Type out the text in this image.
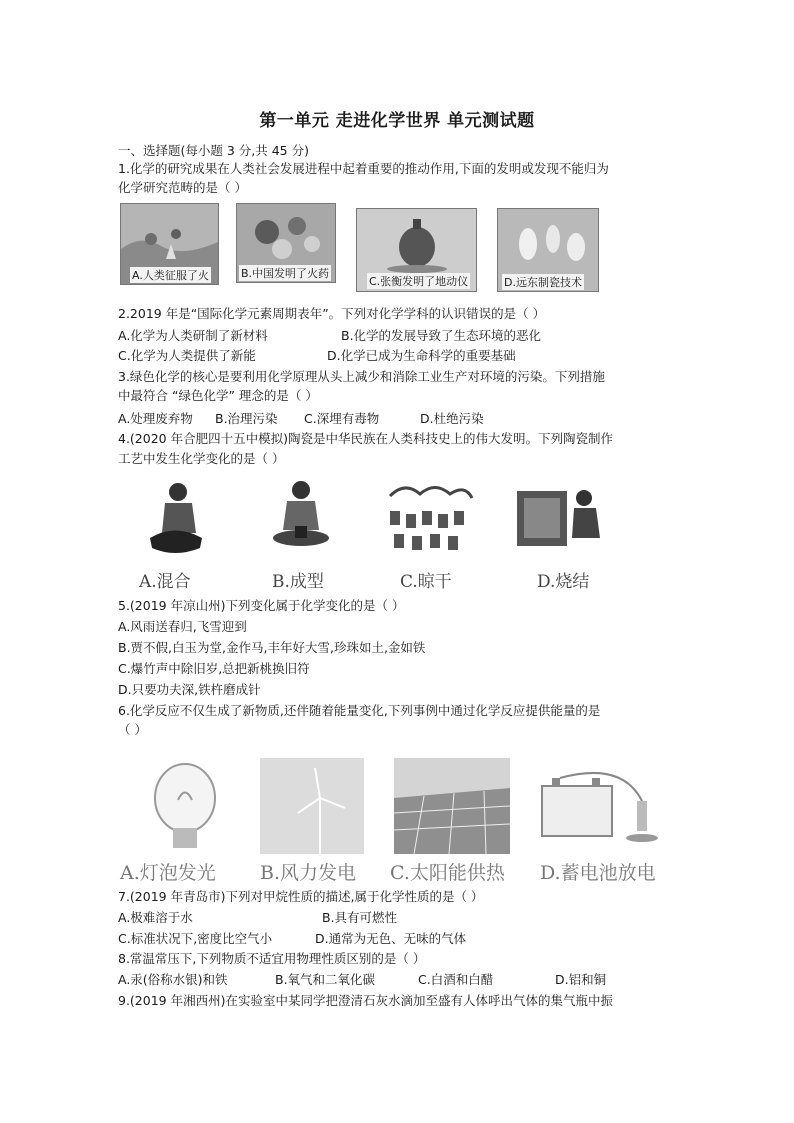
第一单元 走进化学世界 单元测试题
一、选择题(每小题 3 分,共 45 分)
1.化学的研究成果在人类社会发展进程中起着重要的推动作用,下面的发明或发现不能归为
化学研究范畴的是（ ）
A.人类征服了火	B.中国发明了火药
C.张衡发明了地动仪	D.远东制瓷技术
2.2019 年是“国际化学元素周期表年”。下列对化学学科的认识错误的是（ ）
A.化学为人类研制了新材料	B.化学的发展导致了生态环境的恶化
C.化学为人类提供了新能	D.化学已成为生命科学的重要基础
3.绿色化学的核心是要利用化学原理从头上减少和消除工业生产对环境的污染。下列措施
中最符合 “绿色化学” 理念的是（ ）
A.处理废弃物 B.治理污染 C.深埋有毒物	D.杜绝污染
4.(2020 年合肥四十五中模拟)陶瓷是中华民族在人类科技史上的伟大发明。下列陶瓷制作
工艺中发生化学变化的是（ ）
A.混合	B.成型	C.晾干	D.烧结
5.(2019 年凉山州)下列变化属于化学变化的是（ ）
A.风雨送春归,飞雪迎到
B.贾不假,白玉为堂,金作马,丰年好大雪,珍珠如土,金如铁
C.爆竹声中除旧岁,总把新桃换旧符
D.只要功夫深,铁杵磨成针
6.化学反应不仅生成了新物质,还伴随着能量变化,下列事例中通过化学反应提供能量的是
（ ）
A.灯泡发光 B.风力发电 C.太阳能供热 D.蓄电池放电
7.(2019 年青岛市)下列对甲烷性质的描述,属于化学性质的是（ ）
A.极难溶于水	B.具有可燃性
C.标准状况下,密度比空气小	D.通常为无色、无味的气体
8.常温常压下,下列物质不适宜用物理性质区别的是（ ）
A.汞(俗称水银)和铁	B.氧气和二氧化碳	C.白酒和白醋	D.铝和铜
9.(2019 年湘西州)在实验室中某同学把澄清石灰水滴加至盛有人体呼出气体的集气瓶中振
